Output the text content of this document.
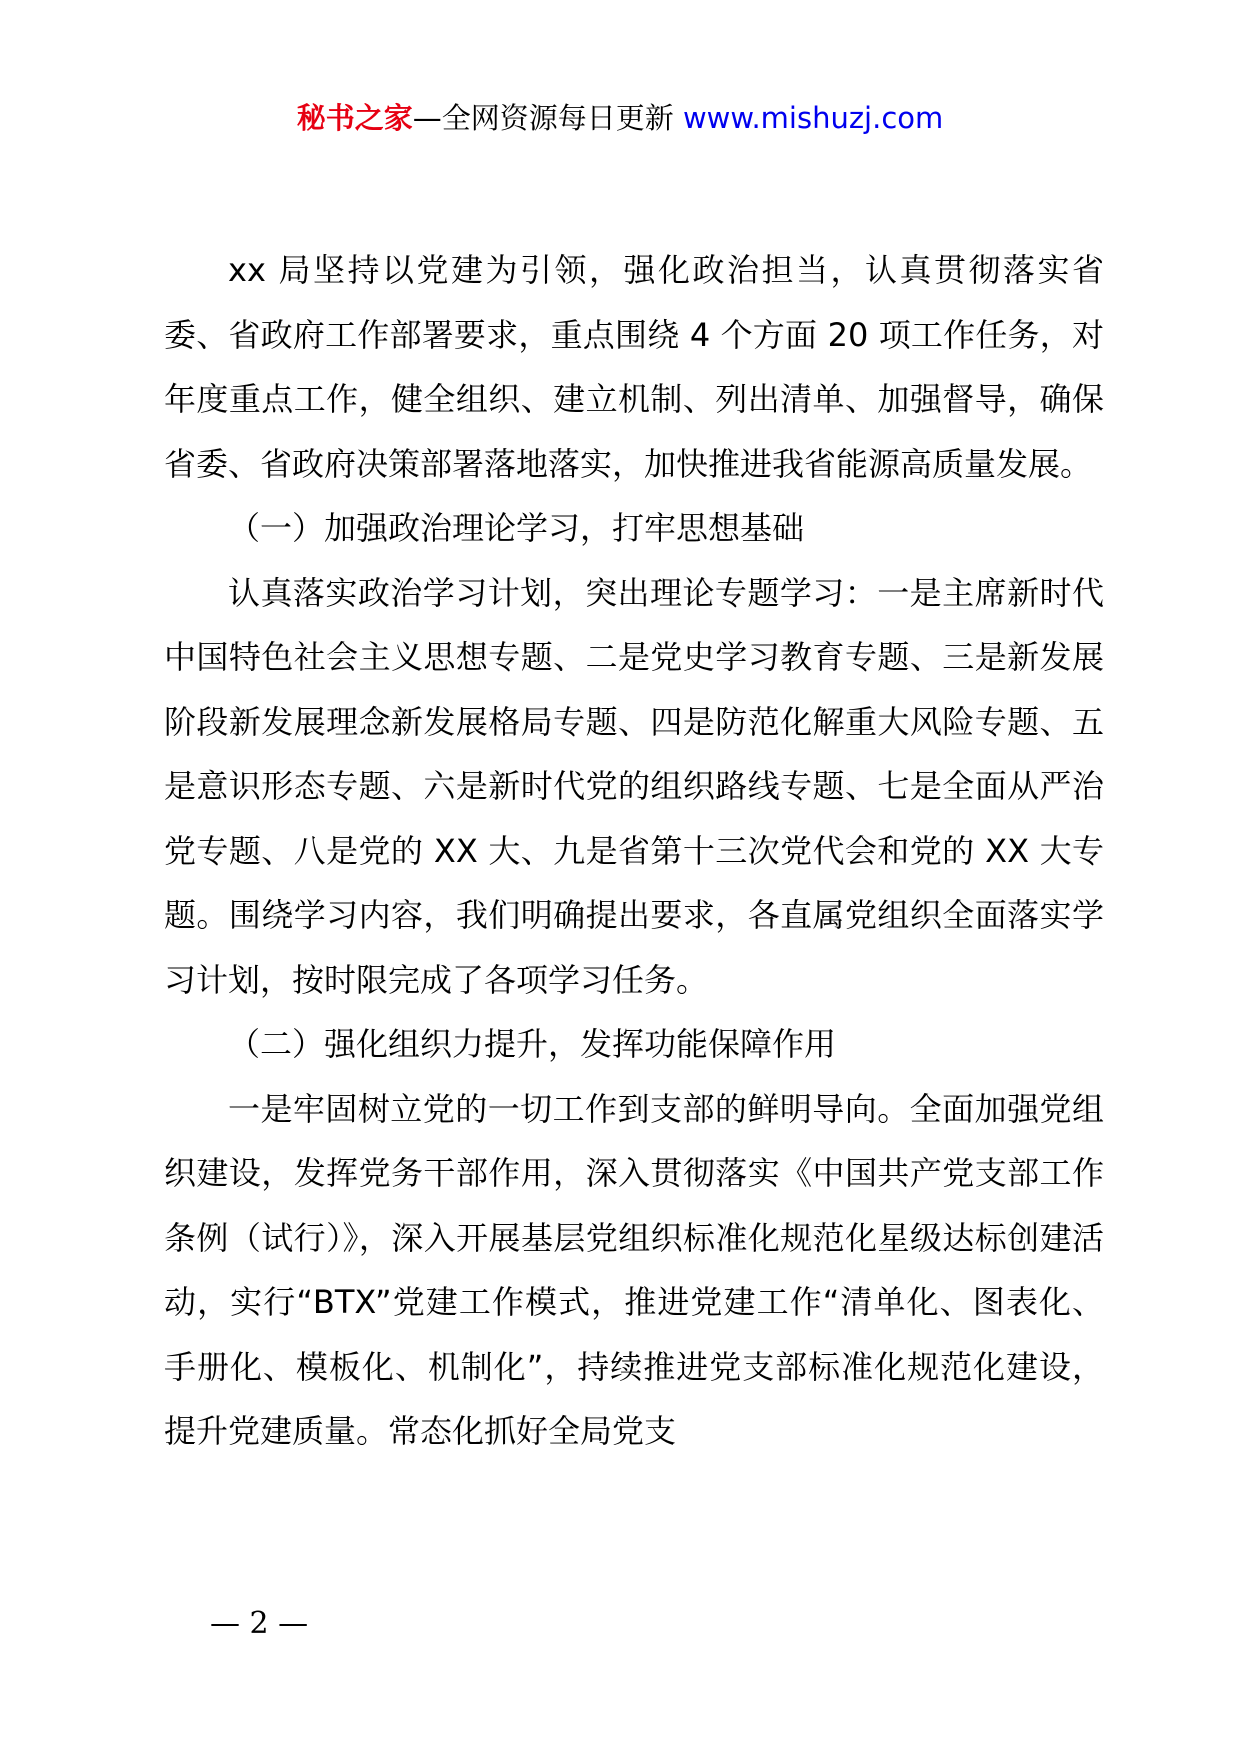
秘书之家—全网资源每日更新 www.mishuzj.com

xx 局坚持以党建为引领，强化政治担当，认真贯彻落实省委、省政府工作部署要求，重点围绕 4 个方面 20 项工作任务，对年度重点工作，健全组织、建立机制、列出清单、加强督导，确保省委、省政府决策部署落地落实，加快推进我省能源高质量发展。

（一）加强政治理论学习，打牢思想基础

认真落实政治学习计划，突出理论专题学习：一是主席新时代中国特色社会主义思想专题、二是党史学习教育专题、三是新发展阶段新发展理念新发展格局专题、四是防范化解重大风险专题、五是意识形态专题、六是新时代党的组织路线专题、七是全面从严治党专题、八是党的 XX 大、九是省第十三次党代会和党的 XX 大专题。围绕学习内容，我们明确提出要求，各直属党组织全面落实学习计划，按时限完成了各项学习任务。

（二）强化组织力提升，发挥功能保障作用

一是牢固树立党的一切工作到支部的鲜明导向。全面加强党组织建设，发挥党务干部作用，深入贯彻落实《中国共产党支部工作条例（试行）》，深入开展基层党组织标准化规范化星级达标创建活动，实行“BTX”党建工作模式，推进党建工作“清单化、图表化、手册化、模板化、机制化”，持续推进党支部标准化规范化建设，提升党建质量。常态化抓好全局党支

— 2 —
